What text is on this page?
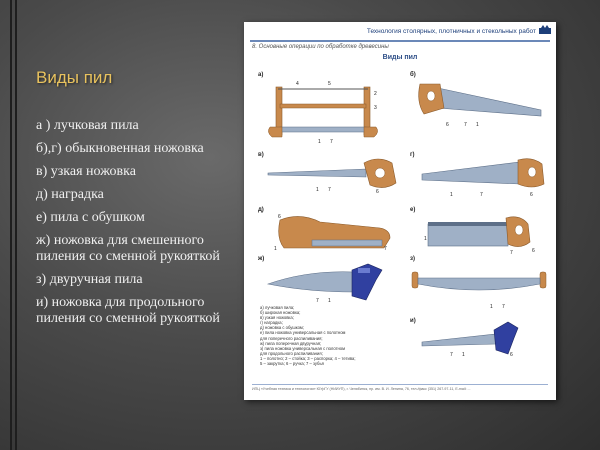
Виды пил
а ) лучковая пила
б),г) обыкновенная ножовка
в) узкая ножовка
д) наградка
е) пила с обушком
ж) ножовка для смешенного пиления со сменной рукояткой
з) двуручная пила
и) ножовка для продольного пиления со сменной рукояткой
Технология столярных, плотничных и стекольных работ
8. Основные операции по обработке древесины
Виды пил
а)	б)
в)	г)
д)	е)
ж)	з)
и)
4	5
2
3
1 7
6	7 1
1 7	6	1	7	6
6
1	7
1
7	6
7 1
1 7
7 1	6
а) лучковая пила;
б) широкая ножовка;
в) узкая ножовка;
г) наградка;
д) ножовка с обушком;
е) пила ножовка универсальная с полотном
для поперечного распиливания;
ж) пила поперечная двуручная;
з) пила ножовка универсальная с полотном
для продольного распиливания;
1 – полотно; 2 – стойка; 3 – распорка; 4 – тетива;
5 – закрутка; 6 – ручка; 7 – зубья
ИПЦ «Учебная техника и технологии» ЮУрГУ (НИИУП), г. Челябинск, пр. им. В. И. Ленина, 76, тел./факс (351) 267-97-11, E-mail: ...
